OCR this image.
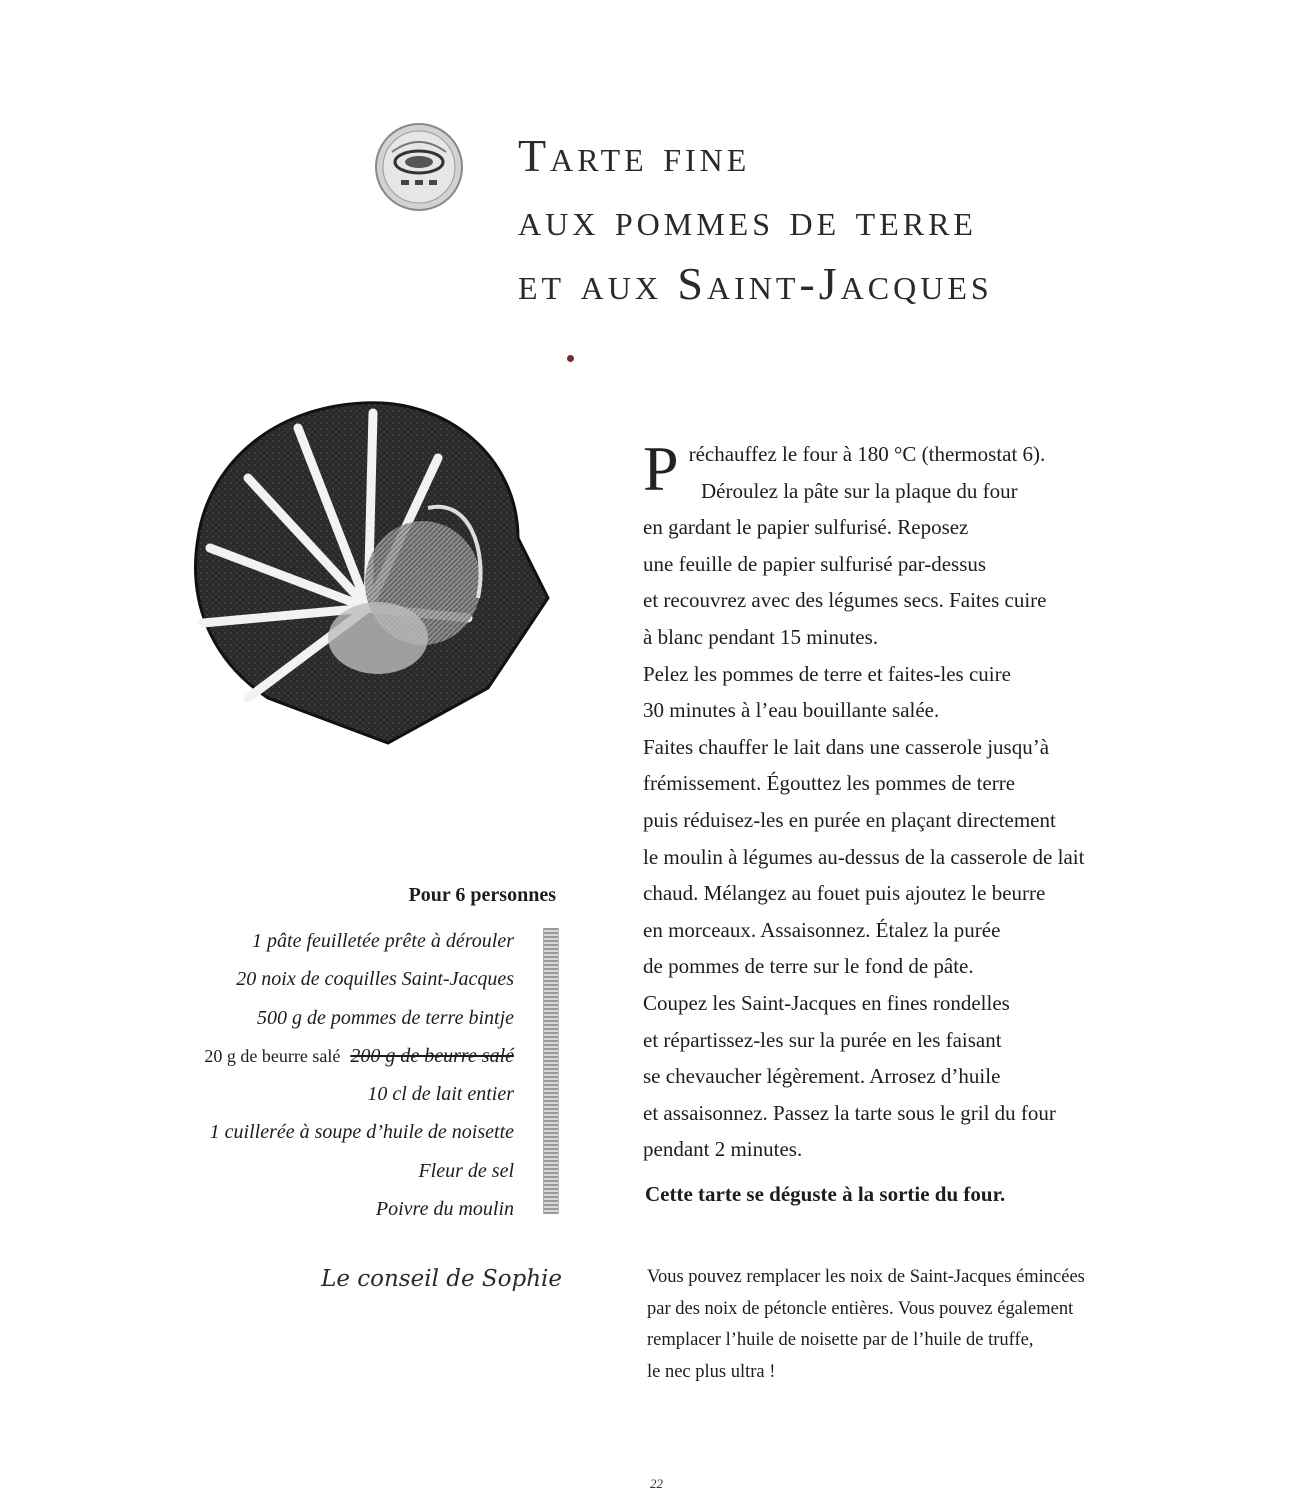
Tarte fine
aux pommes de terre
et aux Saint-Jacques
P réchauffez le four à 180 °C (thermostat 6).
Déroulez la pâte sur la plaque du four
en gardant le papier sulfurisé. Reposez
une feuille de papier sulfurisé par-dessus
et recouvrez avec des légumes secs. Faites cuire
à blanc pendant 15 minutes.
Pelez les pommes de terre et faites-les cuire
30 minutes à l’eau bouillante salée.
Faites chauffer le lait dans une casserole jusqu’à
frémissement. Égouttez les pommes de terre
puis réduisez-les en purée en plaçant directement
le moulin à légumes au-dessus de la casserole de lait
chaud. Mélangez au fouet puis ajoutez le beurre
en morceaux. Assaisonnez. Étalez la purée
de pommes de terre sur le fond de pâte.
Coupez les Saint-Jacques en fines rondelles
et répartissez-les sur la purée en les faisant
se chevaucher légèrement. Arrosez d’huile
et assaisonnez. Passez la tarte sous le gril du four
pendant 2 minutes.
Cette tarte se déguste à la sortie du four.
Pour 6 personnes
1 pâte feuilletée prête à dérouler
20 noix de coquilles Saint-Jacques
500 g de pommes de terre bintje
20 g de beurre salé 200 g de beurre salé
10 cl de lait entier
1 cuillerée à soupe d’huile de noisette
Fleur de sel
Poivre du moulin
Le conseil de Sophie	Vous pouvez remplacer les noix de Saint-Jacques émincées
par des noix de pétoncle entières. Vous pouvez également
remplacer l’huile de noisette par de l’huile de truffe,
le nec plus ultra !
22
